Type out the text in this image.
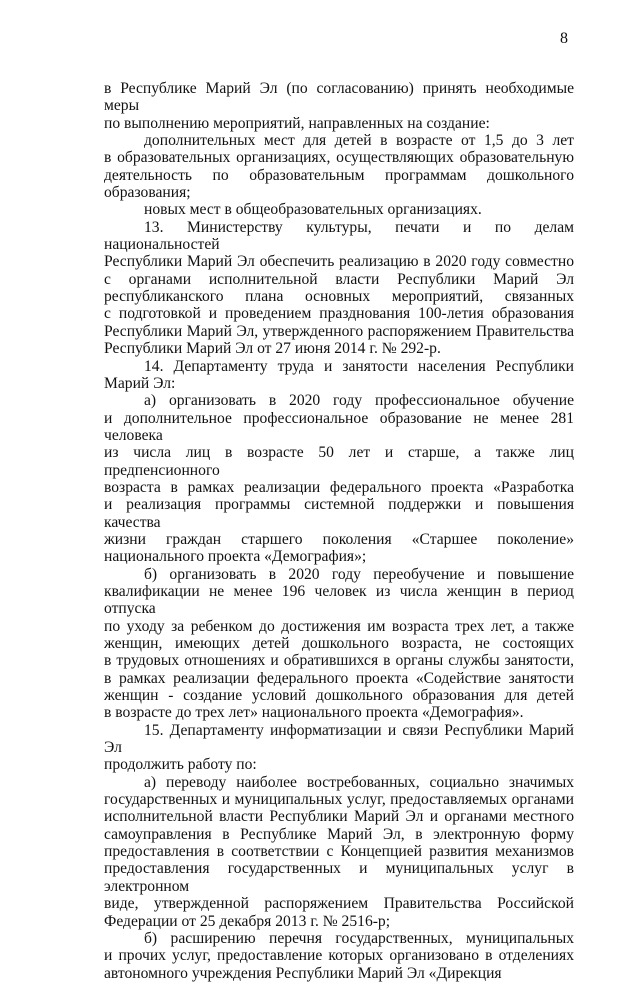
8

в Республике Марий Эл (по согласованию) принять необходимые меры
по выполнению мероприятий, направленных на создание:

дополнительных мест для детей в возрасте от 1,5 до 3 лет
в образовательных организациях, осуществляющих образовательную
деятельность по образовательным программам дошкольного
образования;

новых мест в общеобразовательных организациях.

13. Министерству культуры, печати и по делам национальностей
Республики Марий Эл обеспечить реализацию в 2020 году совместно
с органами исполнительной власти Республики Марий Эл
республиканского плана основных мероприятий, связанных
с подготовкой и проведением празднования 100-летия образования
Республики Марий Эл, утвержденного распоряжением Правительства
Республики Марий Эл от 27 июня 2014 г. № 292-р.

14. Департаменту труда и занятости населения Республики
Марий Эл:

а) организовать в 2020 году профессиональное обучение
и дополнительное профессиональное образование не менее 281 человека
из числа лиц в возрасте 50 лет и старше, а также лиц предпенсионного
возраста в рамках реализации федерального проекта «Разработка
и реализация программы системной поддержки и повышения качества
жизни граждан старшего поколения «Старшее поколение»
национального проекта «Демография»;

б) организовать в 2020 году переобучение и повышение
квалификации не менее 196 человек из числа женщин в период отпуска
по уходу за ребенком до достижения им возраста трех лет, а также
женщин, имеющих детей дошкольного возраста, не состоящих
в трудовых отношениях и обратившихся в органы службы занятости,
в рамках реализации федерального проекта «Содействие занятости
женщин - создание условий дошкольного образования для детей
в возрасте до трех лет» национального проекта «Демография».

15. Департаменту информатизации и связи Республики Марий Эл
продолжить работу по:

а) переводу наиболее востребованных, социально значимых
государственных и муниципальных услуг, предоставляемых органами
исполнительной власти Республики Марий Эл и органами местного
самоуправления в Республике Марий Эл, в электронную форму
предоставления в соответствии с Концепцией развития механизмов
предоставления государственных и муниципальных услуг в электронном
виде, утвержденной распоряжением Правительства Российской
Федерации от 25 декабря 2013 г. № 2516-р;

б) расширению перечня государственных, муниципальных
и прочих услуг, предоставление которых организовано в отделениях
автономного учреждения Республики Марий Эл «Дирекция
